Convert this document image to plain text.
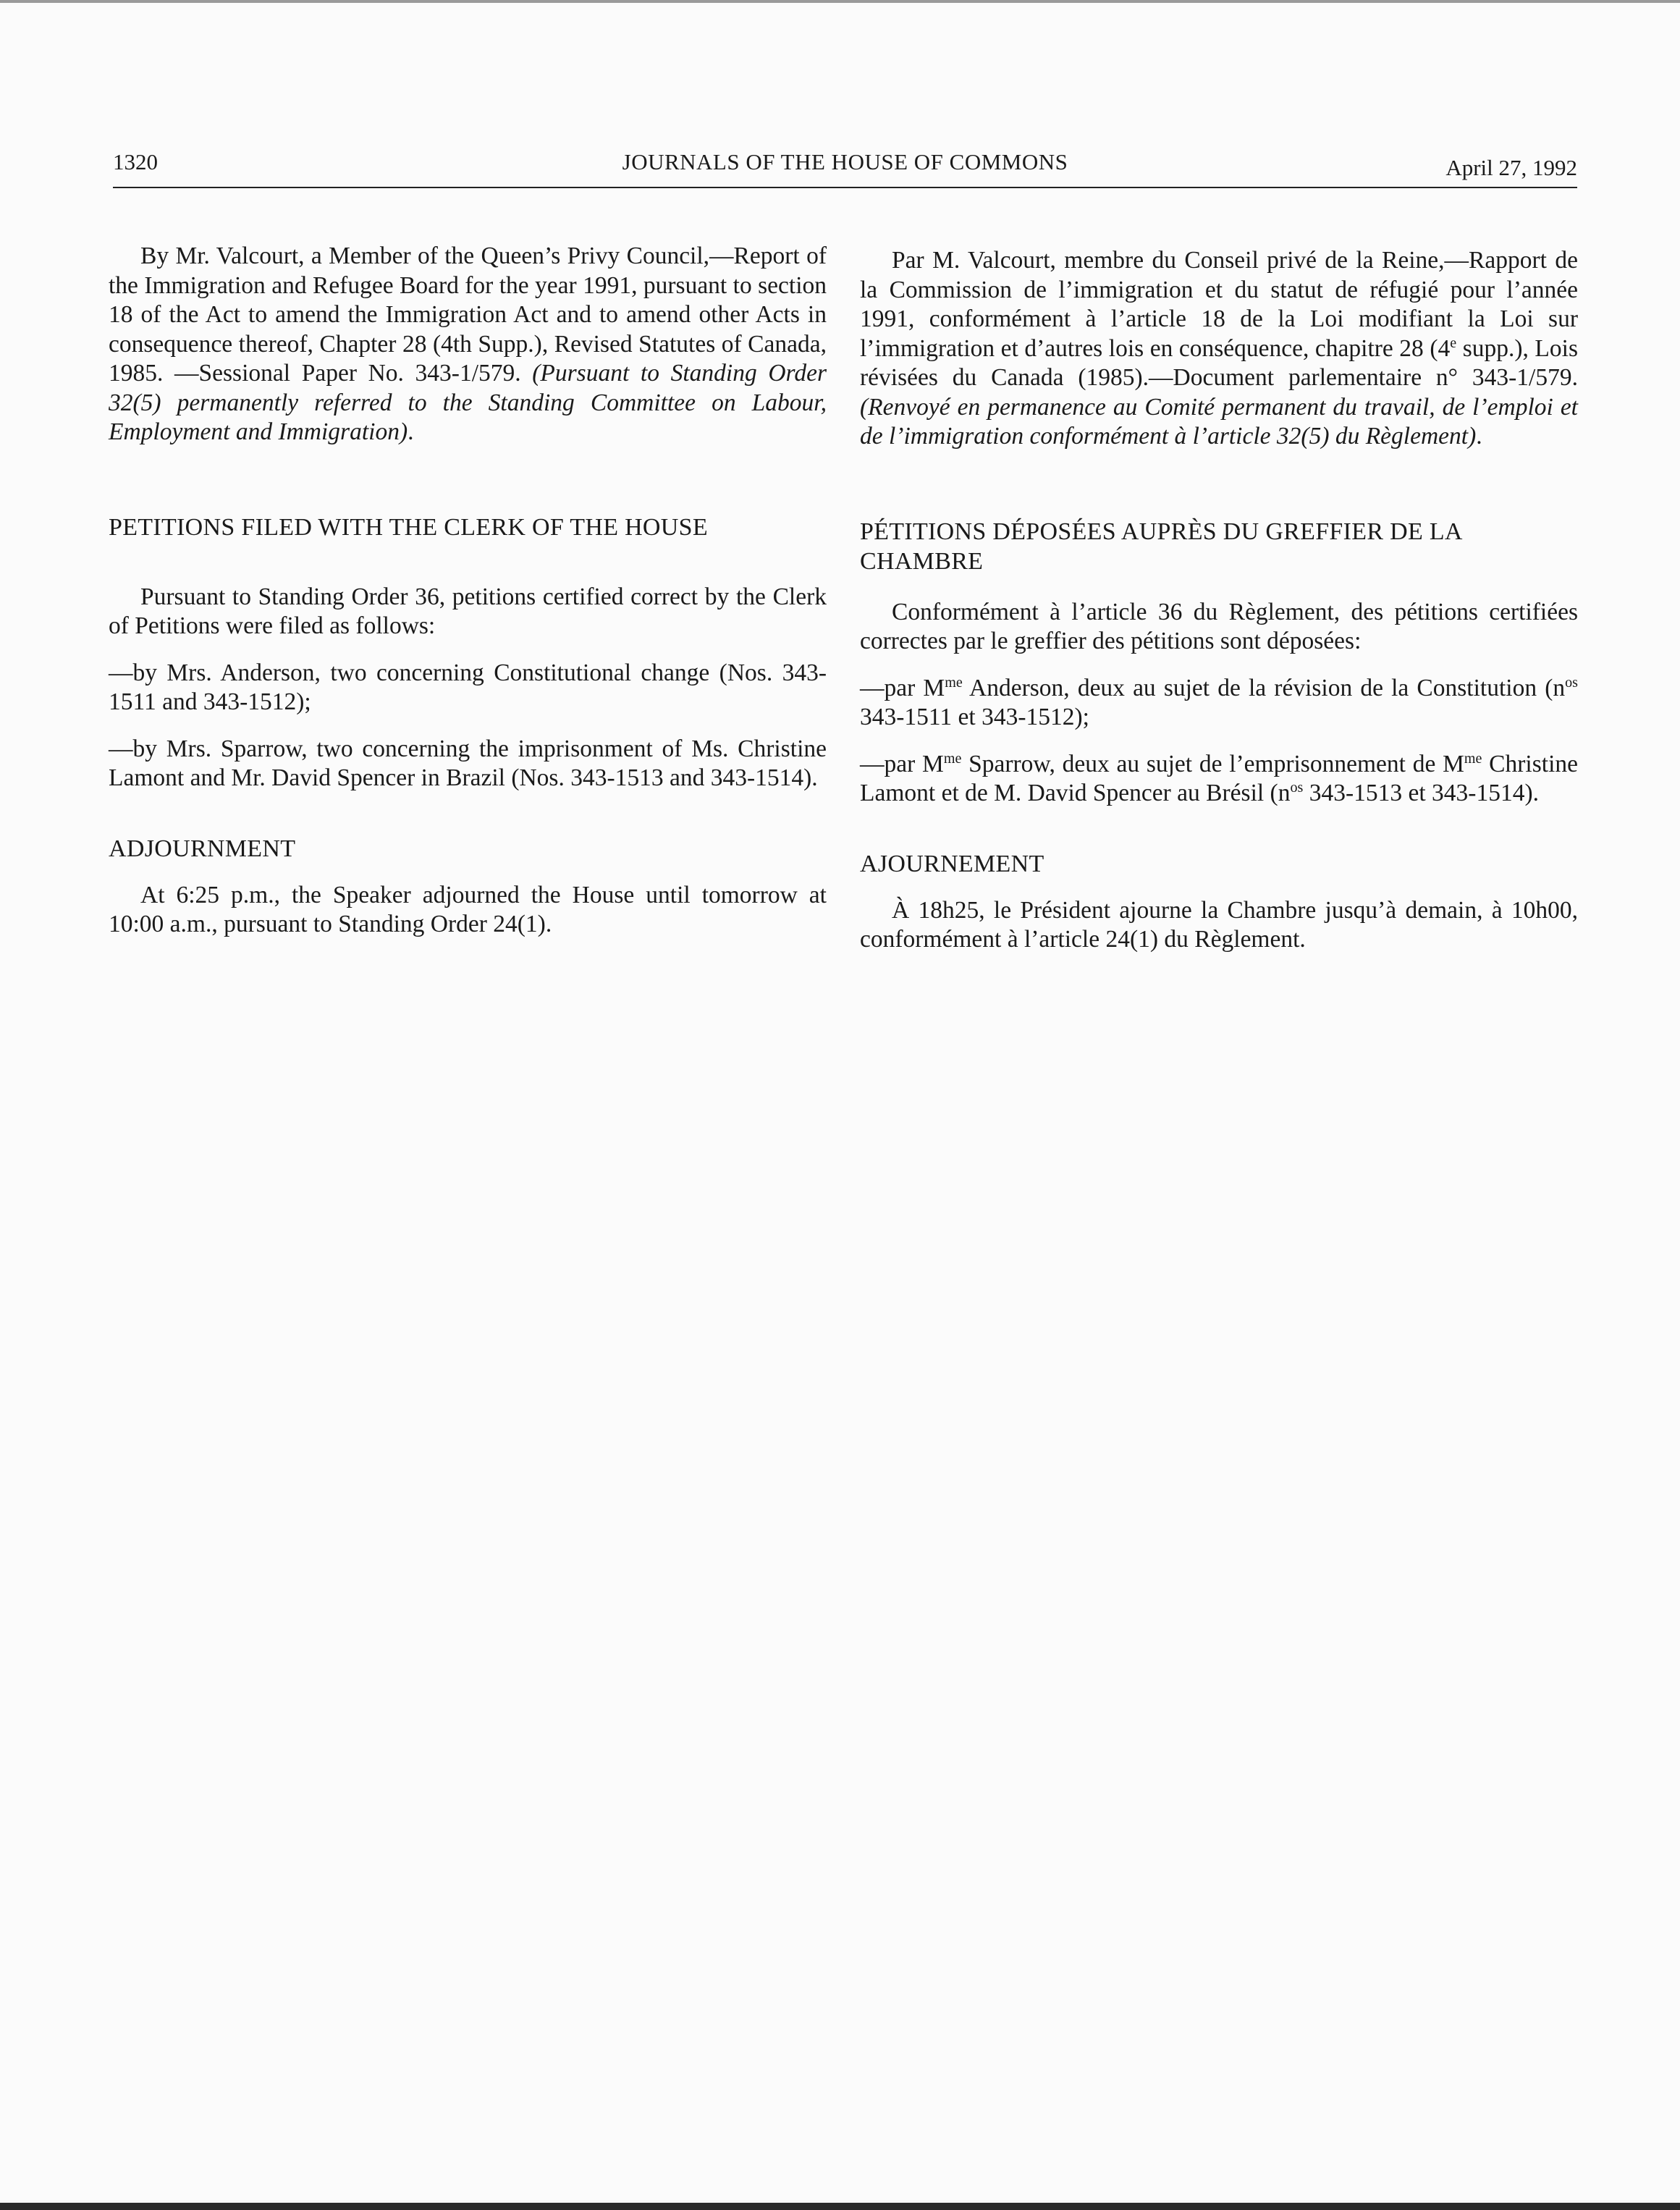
1320	JOURNALS OF THE HOUSE OF COMMONS	April 27, 1992

By Mr. Valcourt, a Member of the Queen’s Privy Council,—Report of the Immigration and Refugee Board for the year 1991, pursuant to section 18 of the Act to amend the Immigration Act and to amend other Acts in consequence thereof, Chapter 28 (4th Supp.), Revised Statutes of Canada, 1985. —Sessional Paper No. 343-1/579. (Pursuant to Standing Order 32(5) permanently referred to the Standing Committee on Labour, Employment and Immigration).

PETITIONS FILED WITH THE CLERK OF THE HOUSE

Pursuant to Standing Order 36, petitions certified correct by the Clerk of Petitions were filed as follows:

—by Mrs. Anderson, two concerning Constitutional change (Nos. 343-1511 and 343-1512);

—by Mrs. Sparrow, two concerning the imprisonment of Ms. Christine Lamont and Mr. David Spencer in Brazil (Nos. 343-1513 and 343-1514).

ADJOURNMENT

At 6:25 p.m., the Speaker adjourned the House until tomorrow at 10:00 a.m., pursuant to Standing Order 24(1).

Par M. Valcourt, membre du Conseil privé de la Reine,—Rapport de la Commission de l’immigration et du statut de réfugié pour l’année 1991, conformément à l’article 18 de la Loi modifiant la Loi sur l’immigration et d’autres lois en conséquence, chapitre 28 (4e supp.), Lois révisées du Canada (1985).—Document parlementaire n° 343-1/579. (Renvoyé en permanence au Comité permanent du travail, de l’emploi et de l’immigration conformément à l’article 32(5) du Règlement).

PÉTITIONS DÉPOSÉES AUPRÈS DU GREFFIER DE LA CHAMBRE

Conformément à l’article 36 du Règlement, des pétitions certifiées correctes par le greffier des pétitions sont déposées:

—par $M^{me}$ Anderson, deux au sujet de la révision de la Constitution ($n^{os}$ 343-1511 et 343-1512);

—par $M^{me}$ Sparrow, deux au sujet de l’emprisonnement de $M^{me}$ Christine Lamont et de M. David Spencer au Brésil ($n^{os}$ 343-1513 et 343-1514).

AJOURNEMENT

À 18h25, le Président ajourne la Chambre jusqu’à demain, à 10h00, conformément à l’article 24(1) du Règlement.
